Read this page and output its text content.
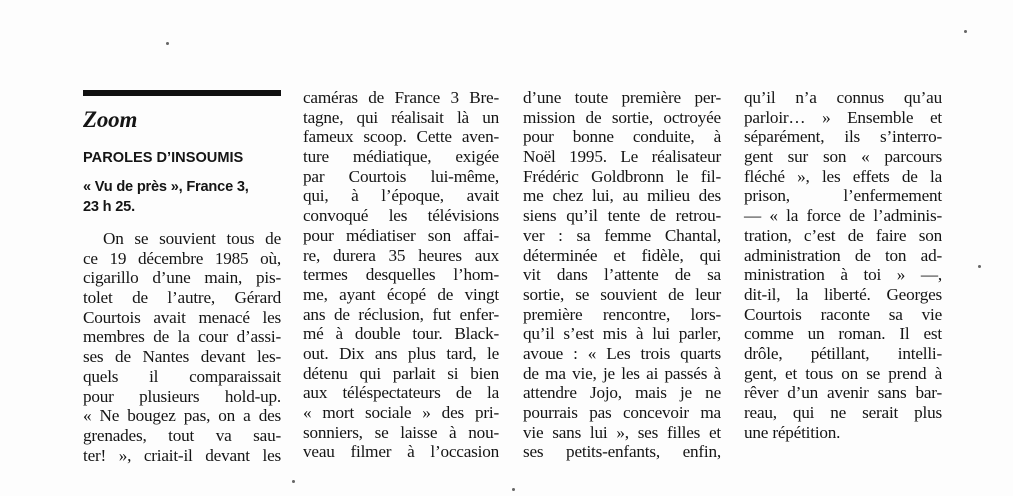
Zoom
PAROLES D’INSOUMIS
« Vu de près », France 3,
23 h 25.
On se souvient tous de
ce 19 décembre 1985 où,
cigarillo d’une main, pis-
tolet de l’autre, Gérard
Courtois avait menacé les
membres de la cour d’assi-
ses de Nantes devant les-
quels il comparaissait
pour plusieurs hold-up.
« Ne bougez pas, on a des
grenades, tout va sau-
ter! », criait-il devant les
caméras de France 3 Bre-
tagne, qui réalisait là un
fameux scoop. Cette aven-
ture médiatique, exigée
par Courtois lui-même,
qui, à l’époque, avait
convoqué les télévisions
pour médiatiser son affai-
re, durera 35 heures aux
termes desquelles l’hom-
me, ayant écopé de vingt
ans de réclusion, fut enfer-
mé à double tour. Black-
out. Dix ans plus tard, le
détenu qui parlait si bien
aux téléspectateurs de la
« mort sociale » des pri-
sonniers, se laisse à nou-
veau filmer à l’occasion
d’une toute première per-
mission de sortie, octroyée
pour bonne conduite, à
Noël 1995. Le réalisateur
Frédéric Goldbronn le fil-
me chez lui, au milieu des
siens qu’il tente de retrou-
ver : sa femme Chantal,
déterminée et fidèle, qui
vit dans l’attente de sa
sortie, se souvient de leur
première rencontre, lors-
qu’il s’est mis à lui parler,
avoue : « Les trois quarts
de ma vie, je les ai passés à
attendre Jojo, mais je ne
pourrais pas concevoir ma
vie sans lui », ses filles et
ses petits-enfants, enfin,
qu’il n’a connus qu’au
parloir… » Ensemble et
séparément, ils s’interro-
gent sur son « parcours
fléché », les effets de la
prison, l’enfermement
— « la force de l’adminis-
tration, c’est de faire son
administration de ton ad-
ministration à toi » —,
dit-il, la liberté. Georges
Courtois raconte sa vie
comme un roman. Il est
drôle, pétillant, intelli-
gent, et tous on se prend à
rêver d’un avenir sans bar-
reau, qui ne serait plus
une répétition.
